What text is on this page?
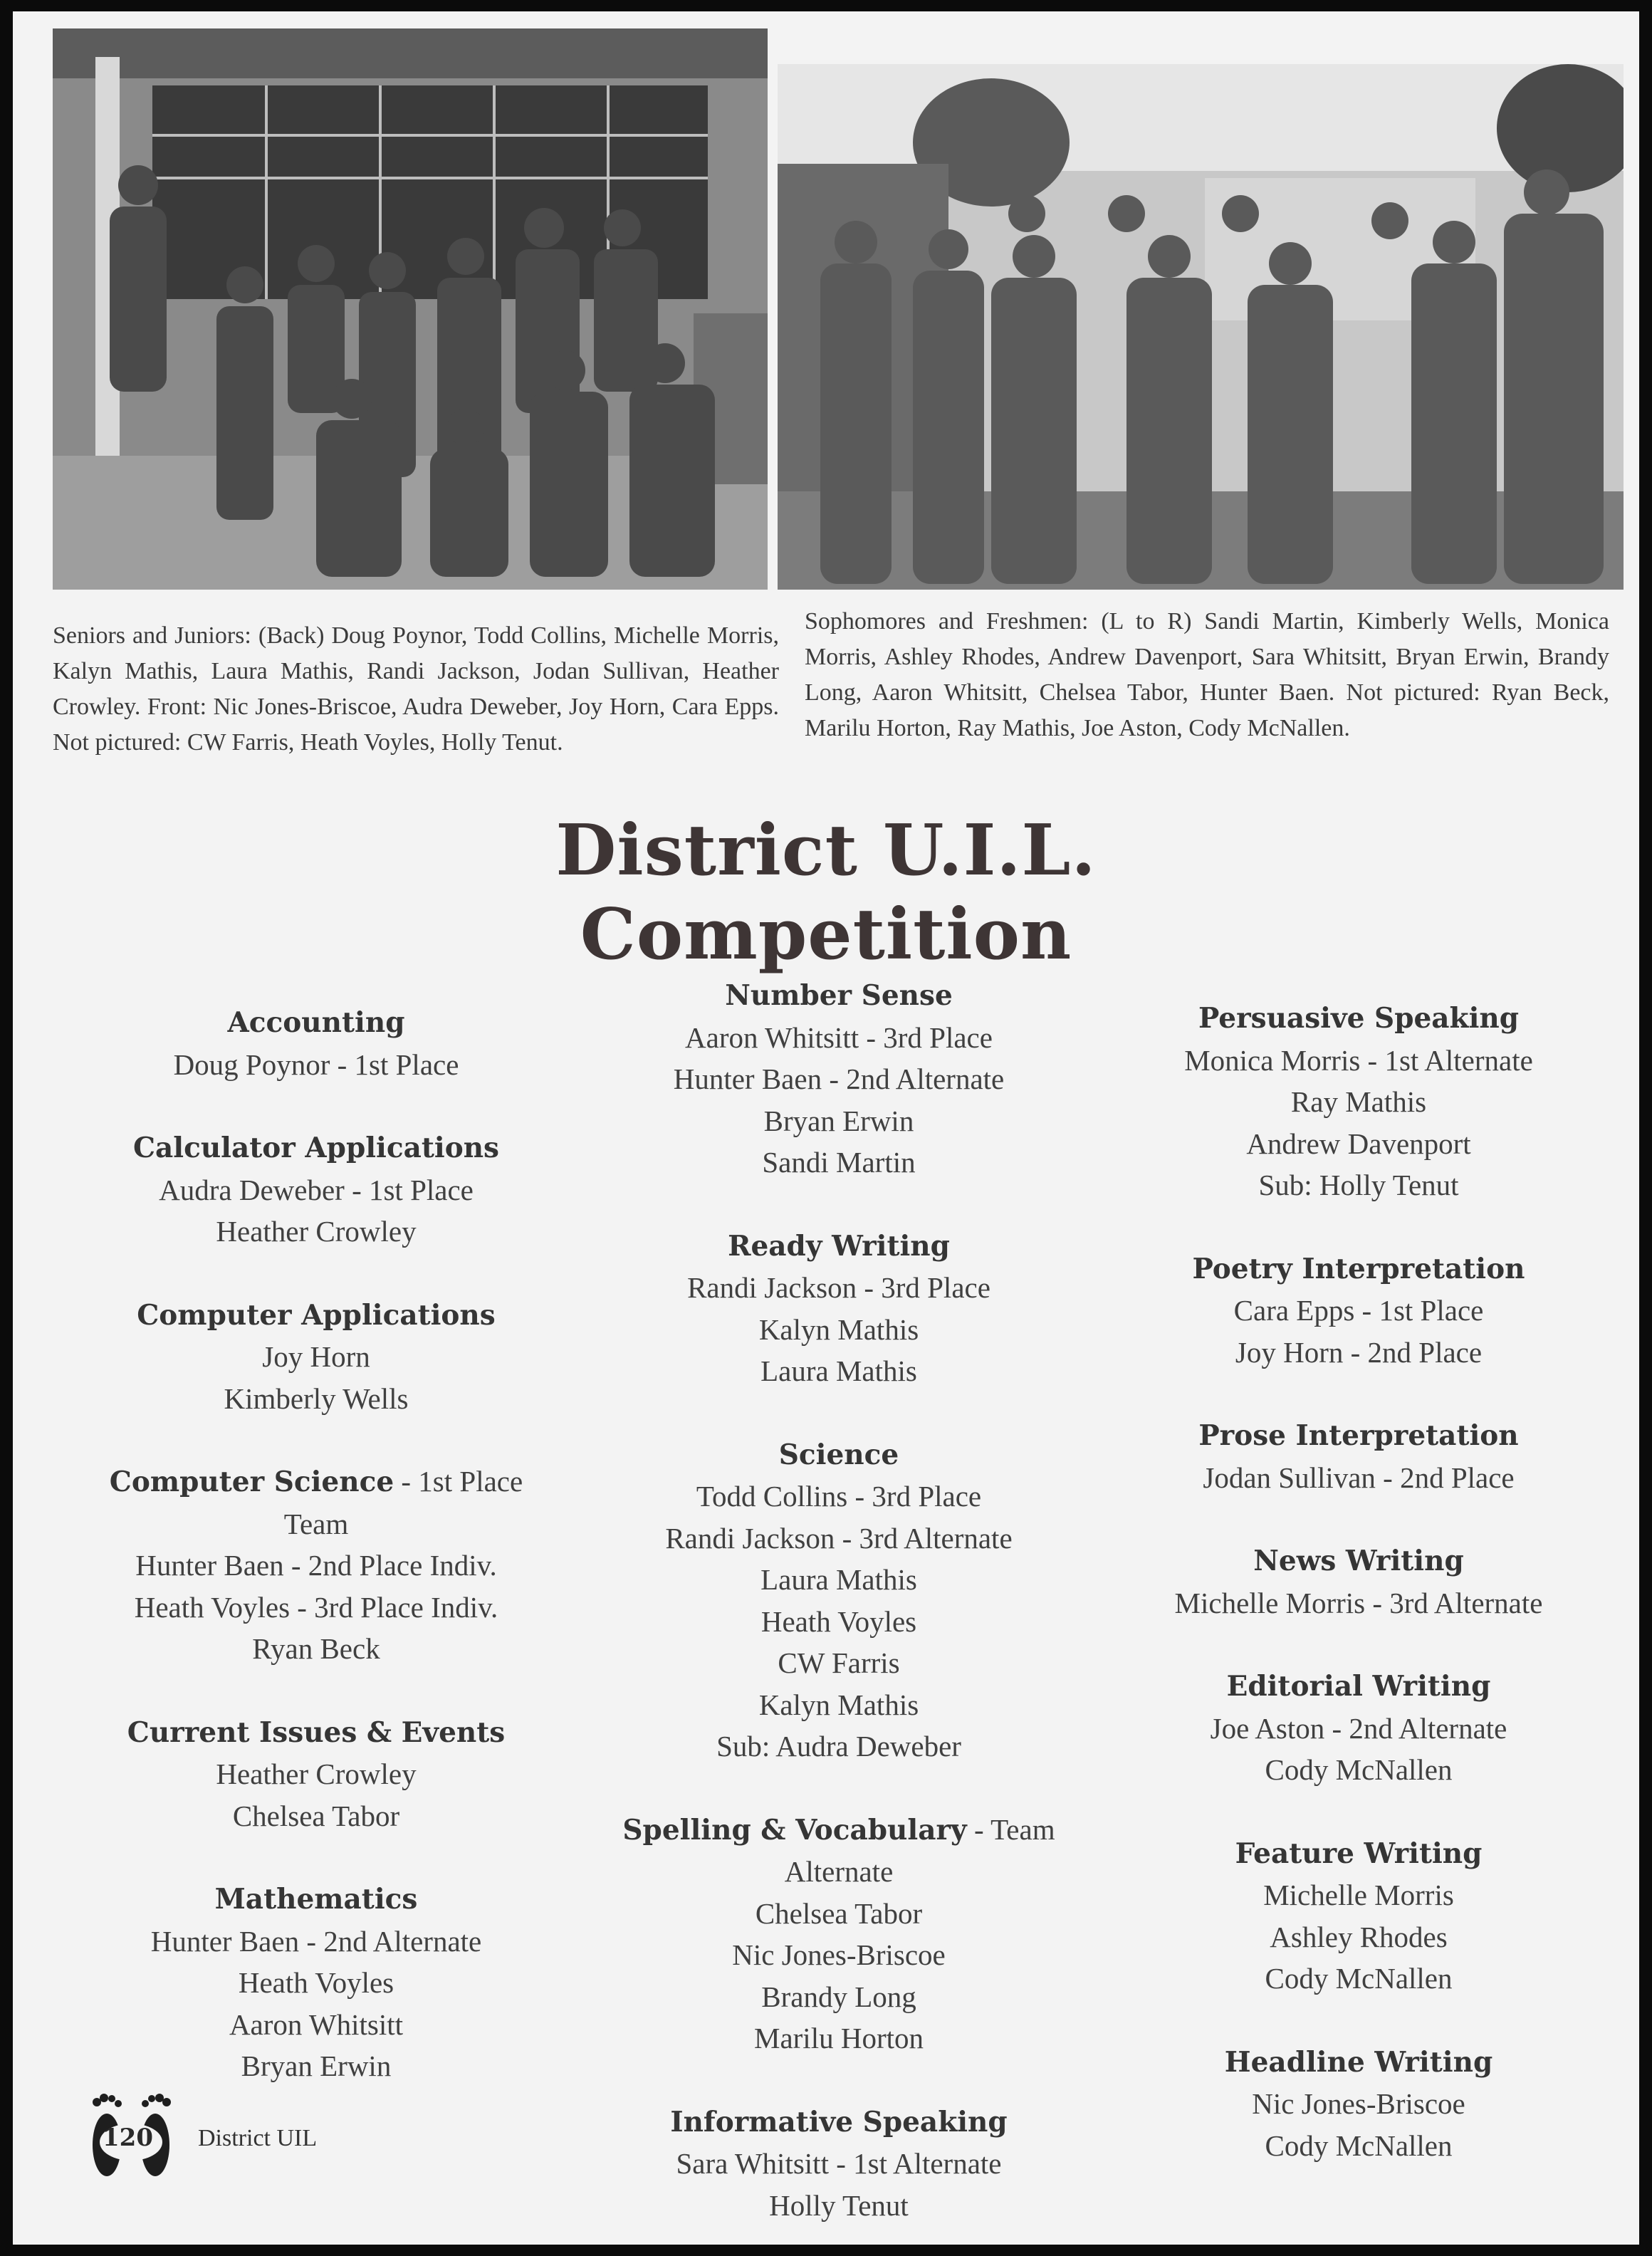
Seniors and Juniors: (Back) Doug Poynor, Todd Collins, Michelle Morris, Kalyn Mathis, Laura Mathis, Randi Jackson, Jodan Sullivan, Heather Crowley. Front: Nic Jones-Briscoe, Audra Deweber, Joy Horn, Cara Epps. Not pictured: CW Farris, Heath Voyles, Holly Tenut.
Sophomores and Freshmen: (L to R) Sandi Martin, Kimberly Wells, Monica Morris, Ashley Rhodes, Andrew Davenport, Sara Whitsitt, Bryan Erwin, Brandy Long, Aaron Whitsitt, Chelsea Tabor, Hunter Baen. Not pictured: Ryan Beck, Marilu Horton, Ray Mathis, Joe Aston, Cody McNallen.
District U.I.L.
Competition
Accounting
Doug Poynor - 1st Place
Calculator Applications
Audra Deweber - 1st Place
Heather Crowley
Computer Applications
Joy Horn
Kimberly Wells
Computer Science - 1st Place
Team
Hunter Baen - 2nd Place Indiv.
Heath Voyles - 3rd Place Indiv.
Ryan Beck
Current Issues & Events
Heather Crowley
Chelsea Tabor
Mathematics
Hunter Baen - 2nd Alternate
Heath Voyles
Aaron Whitsitt
Bryan Erwin
Number Sense
Aaron Whitsitt - 3rd Place
Hunter Baen - 2nd Alternate
Bryan Erwin
Sandi Martin
Ready Writing
Randi Jackson - 3rd Place
Kalyn Mathis
Laura Mathis
Science
Todd Collins - 3rd Place
Randi Jackson - 3rd Alternate
Laura Mathis
Heath Voyles
CW Farris
Kalyn Mathis
Sub: Audra Deweber
Spelling & Vocabulary - Team
Alternate
Chelsea Tabor
Nic Jones-Briscoe
Brandy Long
Marilu Horton
Informative Speaking
Sara Whitsitt - 1st Alternate
Holly Tenut
Persuasive Speaking
Monica Morris - 1st Alternate
Ray Mathis
Andrew Davenport
Sub: Holly Tenut
Poetry Interpretation
Cara Epps - 1st Place
Joy Horn - 2nd Place
Prose Interpretation
Jodan Sullivan - 2nd Place
News Writing
Michelle Morris - 3rd Alternate
Editorial Writing
Joe Aston - 2nd Alternate
Cody McNallen
Feature Writing
Michelle Morris
Ashley Rhodes
Cody McNallen
Headline Writing
Nic Jones-Briscoe
Cody McNallen
120 District UIL
